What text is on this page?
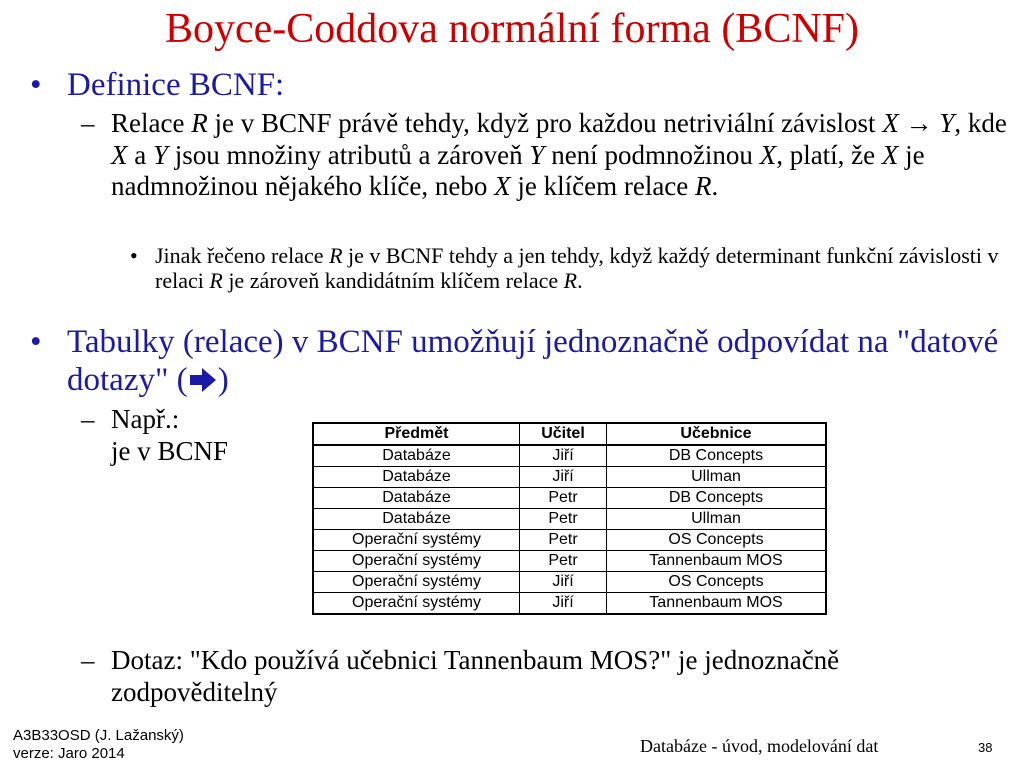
Boyce-Coddova normální forma (BCNF)
• Definice BCNF:
– Relace R je v BCNF právě tehdy, když pro každou netriviální závislost X → Y, kde X a Y jsou množiny atributů a zároveň Y není podmnožinou X, platí, že X je nadmnožinou nějakého klíče, nebo X je klíčem relace R.
• Jinak řečeno relace R je v BCNF tehdy a jen tehdy, když každý determinant funkční závislosti v relaci R je zároveň kandidátním klíčem relace R.
• Tabulky (relace) v BCNF umožňují jednoznačně odpovídat na "datové dotazy" ( )
– Např.:
je v BCNF
Předmět	Učitel	Učebnice
Databáze	Jiří	DB Concepts
Databáze	Jiří	Ullman
Databáze	Petr	DB Concepts
Databáze	Petr	Ullman
Operační systémy	Petr	OS Concepts
Operační systémy	Petr	Tannenbaum MOS
Operační systémy	Jiří	OS Concepts
Operační systémy	Jiří	Tannenbaum MOS
– Dotaz: "Kdo používá učebnici Tannenbaum MOS?" je jednoznačně zodpověditelný
A3B33OSD (J. Lažanský)
verze: Jaro 2014	Databáze - úvod, modelování dat	38
